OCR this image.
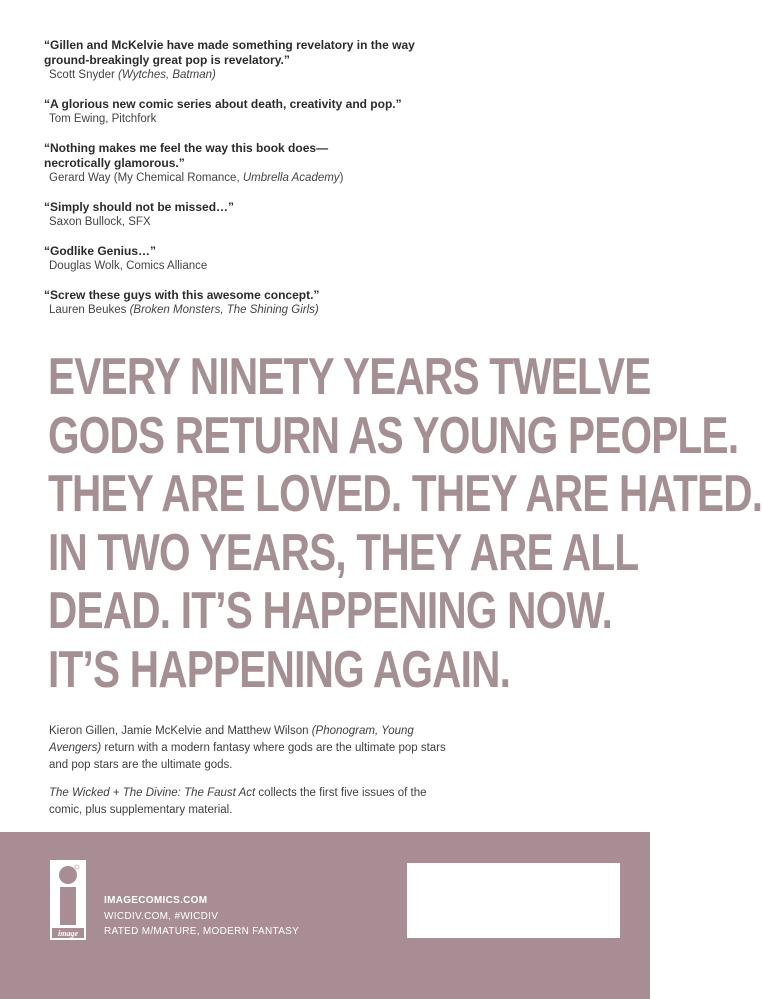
“Gillen and McKelvie have made something revelatory in the way
ground-breakingly great pop is revelatory.”
Scott Snyder (Wytches, Batman)
“A glorious new comic series about death, creativity and pop.”
Tom Ewing, Pitchfork
“Nothing makes me feel the way this book does—
necrotically glamorous.”
Gerard Way (My Chemical Romance, Umbrella Academy)
“Simply should not be missed…”
Saxon Bullock, SFX
“Godlike Genius…”
Douglas Wolk, Comics Alliance
“Screw these guys with this awesome concept.”
Lauren Beukes (Broken Monsters, The Shining Girls)
EVERY NINETY YEARS TWELVE
GODS RETURN AS YOUNG PEOPLE.
THEY ARE LOVED. THEY ARE HATED.
IN TWO YEARS, THEY ARE ALL
DEAD. IT’S HAPPENING NOW.
IT’S HAPPENING AGAIN.

Kieron Gillen, Jamie McKelvie and Matthew Wilson (Phonogram, Young Avengers) return with a modern fantasy where gods are the ultimate pop stars and pop stars are the ultimate gods.

The Wicked + The Divine: The Faust Act collects the first five issues of the comic, plus supplementary material.

image
IMAGECOMICS.COM
WICDIV.COM, #WICDIV
RATED M/MATURE, MODERN FANTASY
